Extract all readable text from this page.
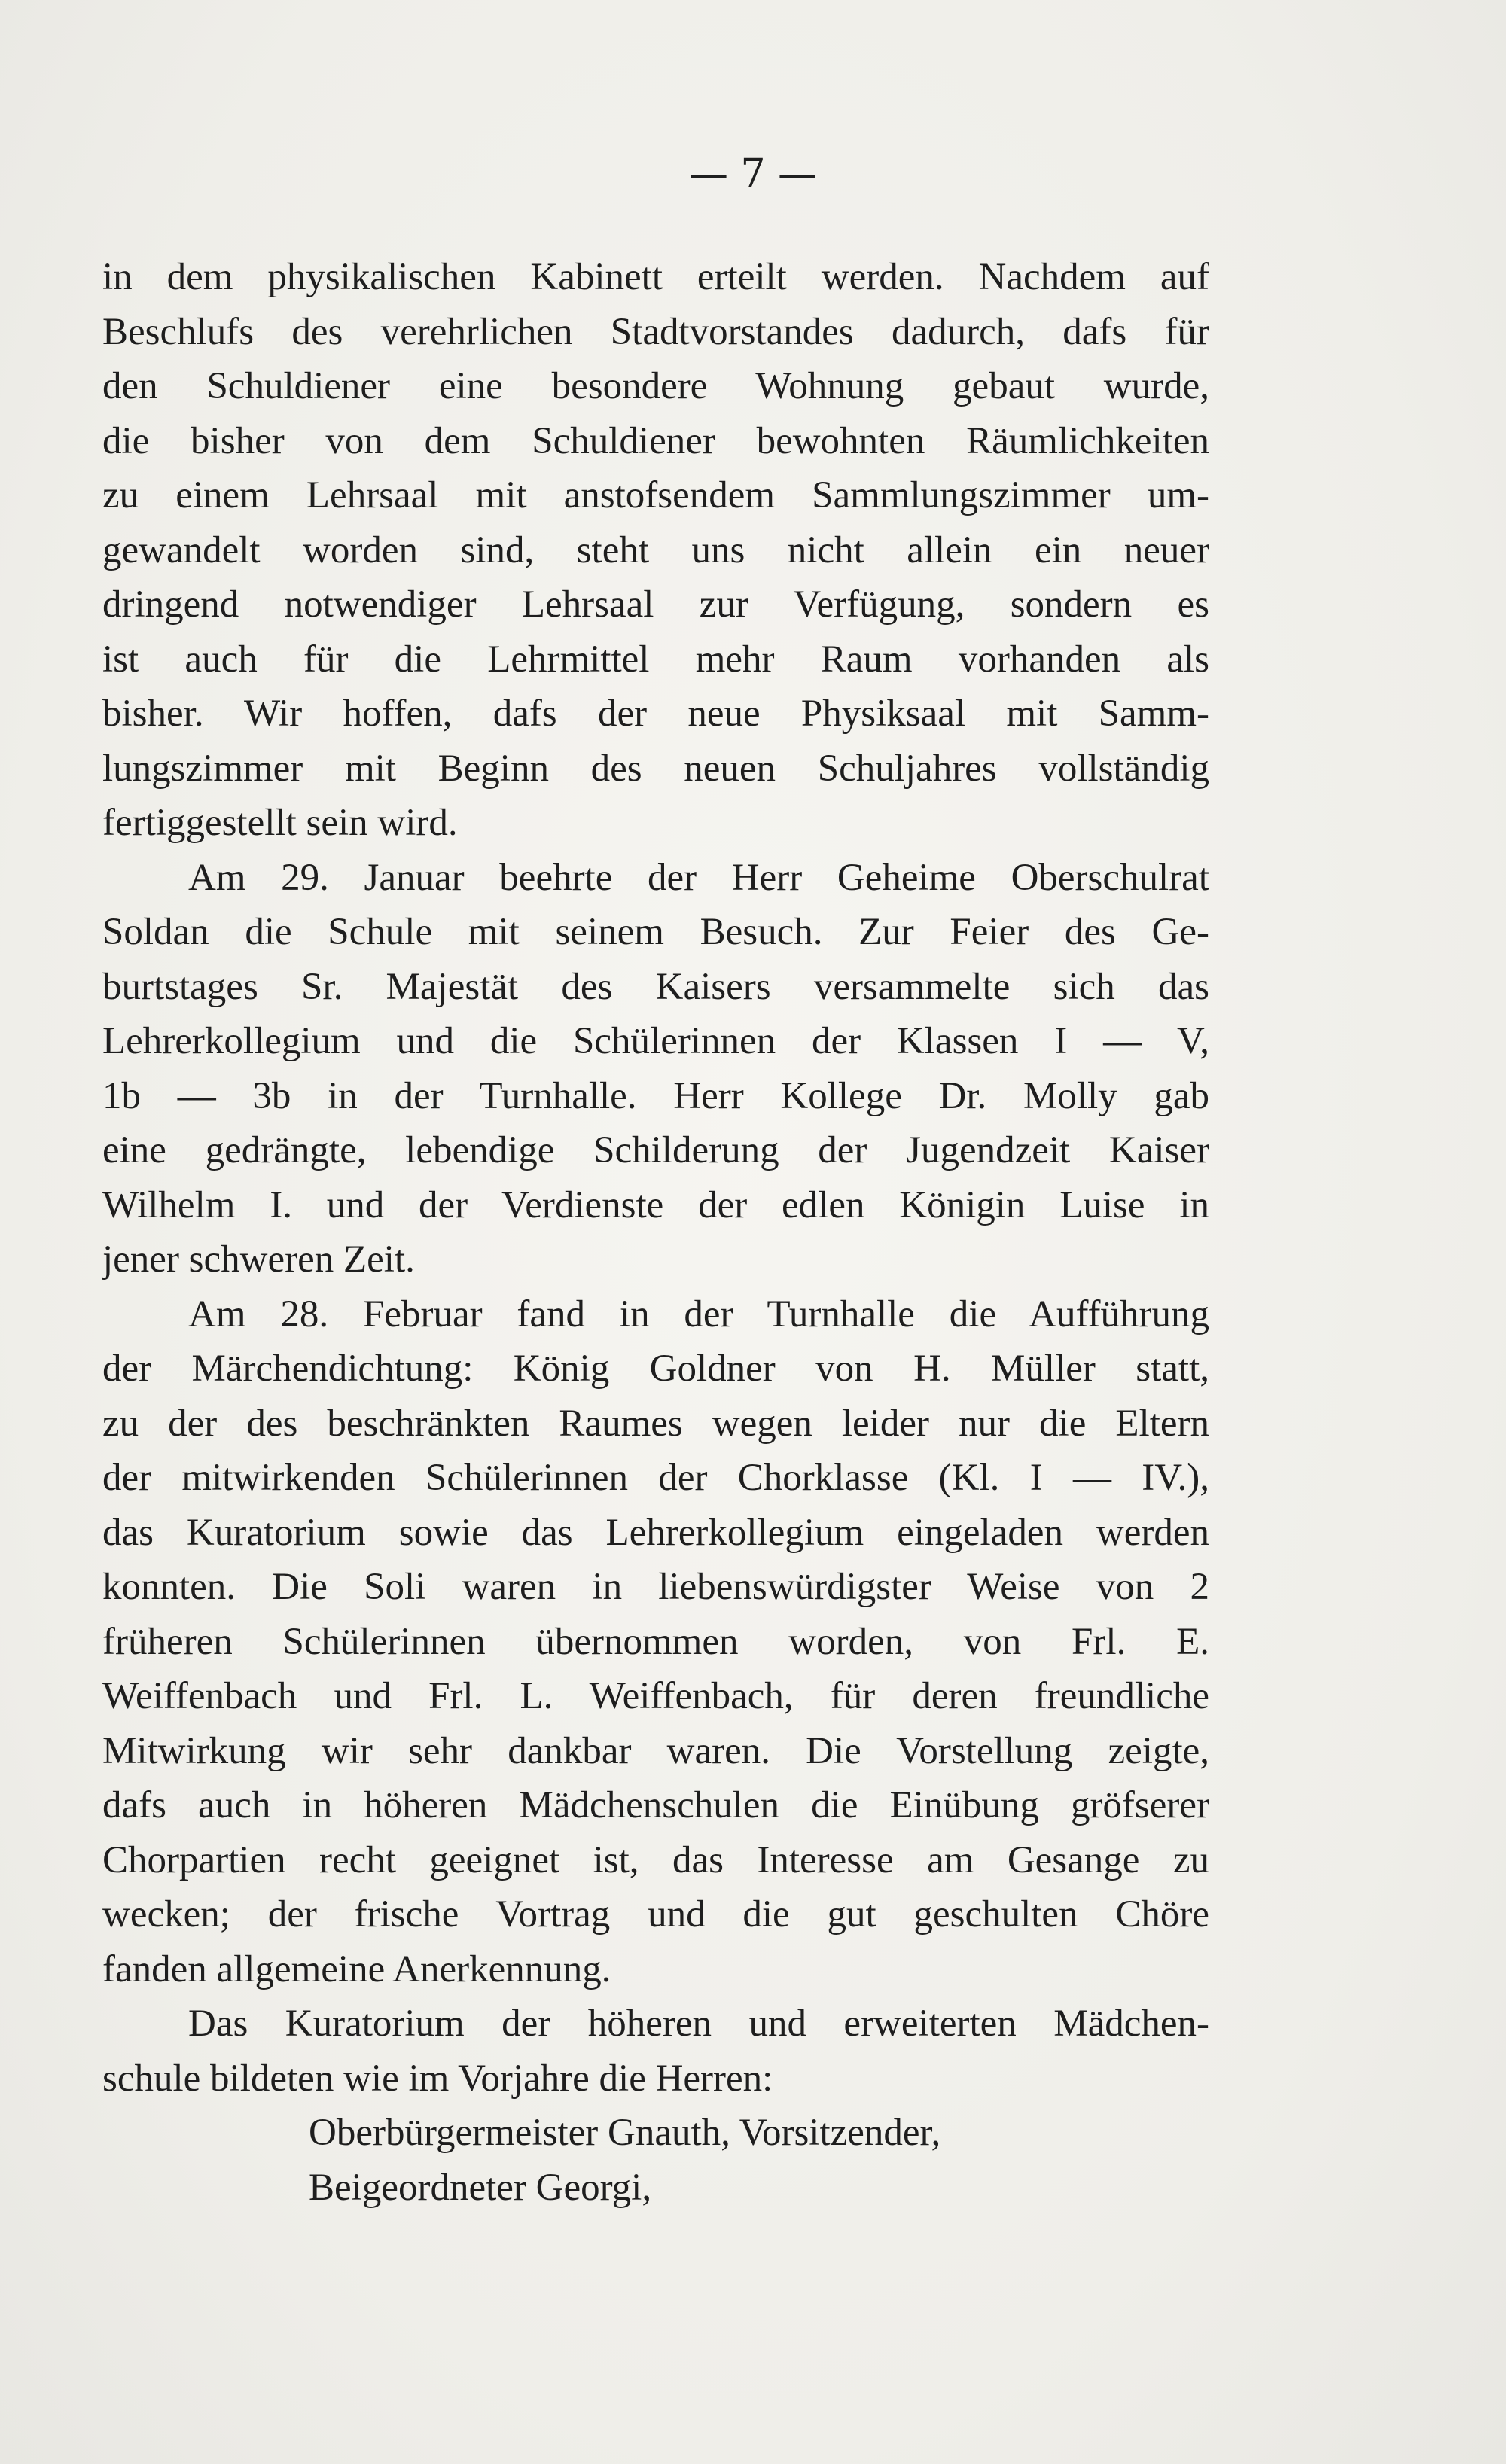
— 7 —
in dem physikalischen Kabinett erteilt werden. Nachdem auf
Beschlufs des verehrlichen Stadtvorstandes dadurch, dafs für
den Schuldiener eine besondere Wohnung gebaut wurde,
die bisher von dem Schuldiener bewohnten Räumlichkeiten
zu einem Lehrsaal mit anstofsendem Sammlungszimmer um-
gewandelt worden sind, steht uns nicht allein ein neuer
dringend notwendiger Lehrsaal zur Verfügung, sondern es
ist auch für die Lehrmittel mehr Raum vorhanden als
bisher. Wir hoffen, dafs der neue Physiksaal mit Samm-
lungszimmer mit Beginn des neuen Schuljahres vollständig
fertiggestellt sein wird.
Am 29. Januar beehrte der Herr Geheime Oberschulrat
Soldan die Schule mit seinem Besuch. Zur Feier des Ge-
burtstages Sr. Majestät des Kaisers versammelte sich das
Lehrerkollegium und die Schülerinnen der Klassen I — V,
1b — 3b in der Turnhalle. Herr Kollege Dr. Molly gab
eine gedrängte, lebendige Schilderung der Jugendzeit Kaiser
Wilhelm I. und der Verdienste der edlen Königin Luise in
jener schweren Zeit.
Am 28. Februar fand in der Turnhalle die Aufführung
der Märchendichtung: König Goldner von H. Müller statt,
zu der des beschränkten Raumes wegen leider nur die Eltern
der mitwirkenden Schülerinnen der Chorklasse (Kl. I — IV.),
das Kuratorium sowie das Lehrerkollegium eingeladen werden
konnten. Die Soli waren in liebenswürdigster Weise von 2
früheren Schülerinnen übernommen worden, von Frl. E.
Weiffenbach und Frl. L. Weiffenbach, für deren freundliche
Mitwirkung wir sehr dankbar waren. Die Vorstellung zeigte,
dafs auch in höheren Mädchenschulen die Einübung gröfserer
Chorpartien recht geeignet ist, das Interesse am Gesange zu
wecken; der frische Vortrag und die gut geschulten Chöre
fanden allgemeine Anerkennung.
Das Kuratorium der höheren und erweiterten Mädchen-
schule bildeten wie im Vorjahre die Herren:
Oberbürgermeister Gnauth, Vorsitzender,
Beigeordneter Georgi,
